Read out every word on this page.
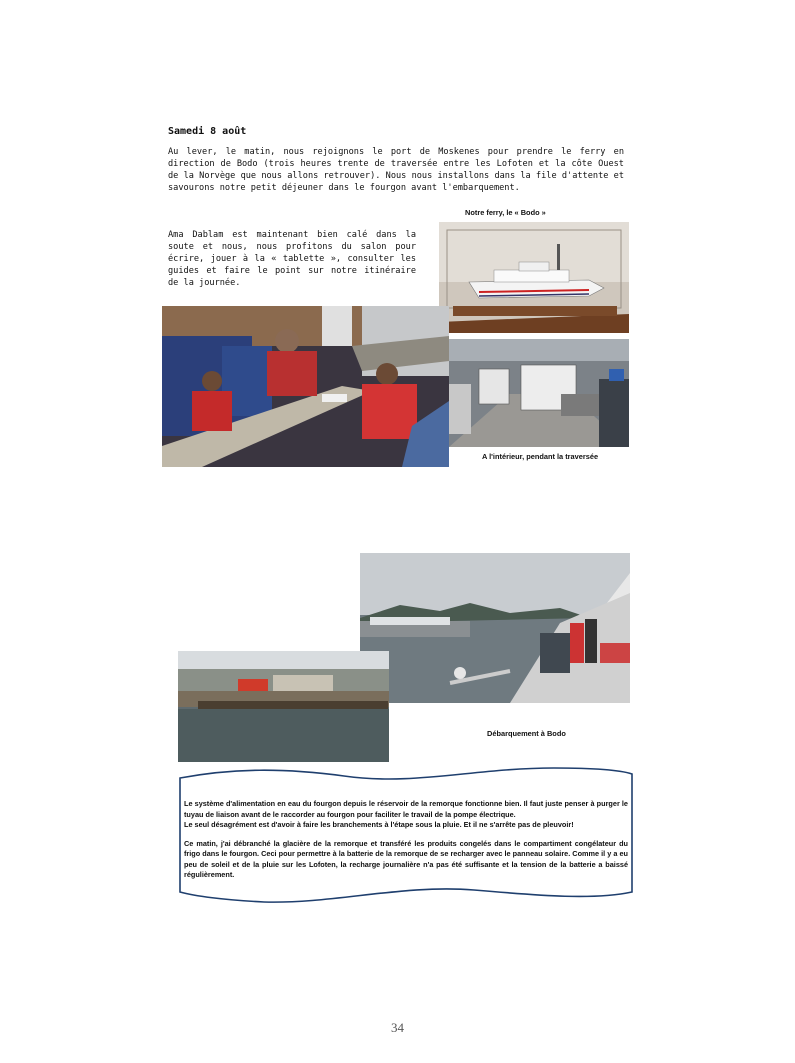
Samedi 8 août
Au lever, le matin, nous rejoignons le port de Moskenes pour prendre le ferry en direction de Bodo (trois heures trente de traversée entre les Lofoten et la côte Ouest de la Norvège que nous allons retrouver). Nous nous installons dans la file d'attente et savourons notre petit déjeuner dans le fourgon avant l'embarquement.
Ama Dablam est maintenant bien calé dans la soute et nous, nous profitons du salon pour écrire, jouer à la « tablette », consulter les guides et faire le point sur notre itinéraire de la journée.
Notre ferry, le « Bodo »
A l'intérieur, pendant la traversée
Débarquement à Bodo

Le système d'alimentation en eau du fourgon depuis le réservoir de la remorque fonctionne bien. Il faut juste penser à purger le tuyau de liaison avant de le raccorder au fourgon pour faciliter le travail de la pompe électrique.
Le seul désagrément est d'avoir à faire les branchements à l'étape sous la pluie. Et il ne s'arrête pas de pleuvoir!

Ce matin, j'ai débranché la glacière de la remorque et transféré les produits congelés dans le compartiment congélateur du frigo dans le fourgon. Ceci pour permettre à la batterie de la remorque de se recharger avec le panneau solaire. Comme il y a eu peu de soleil et de la pluie sur les Lofoten, la recharge journalière n'a pas été suffisante et la tension de la batterie a baissé régulièrement.

34
